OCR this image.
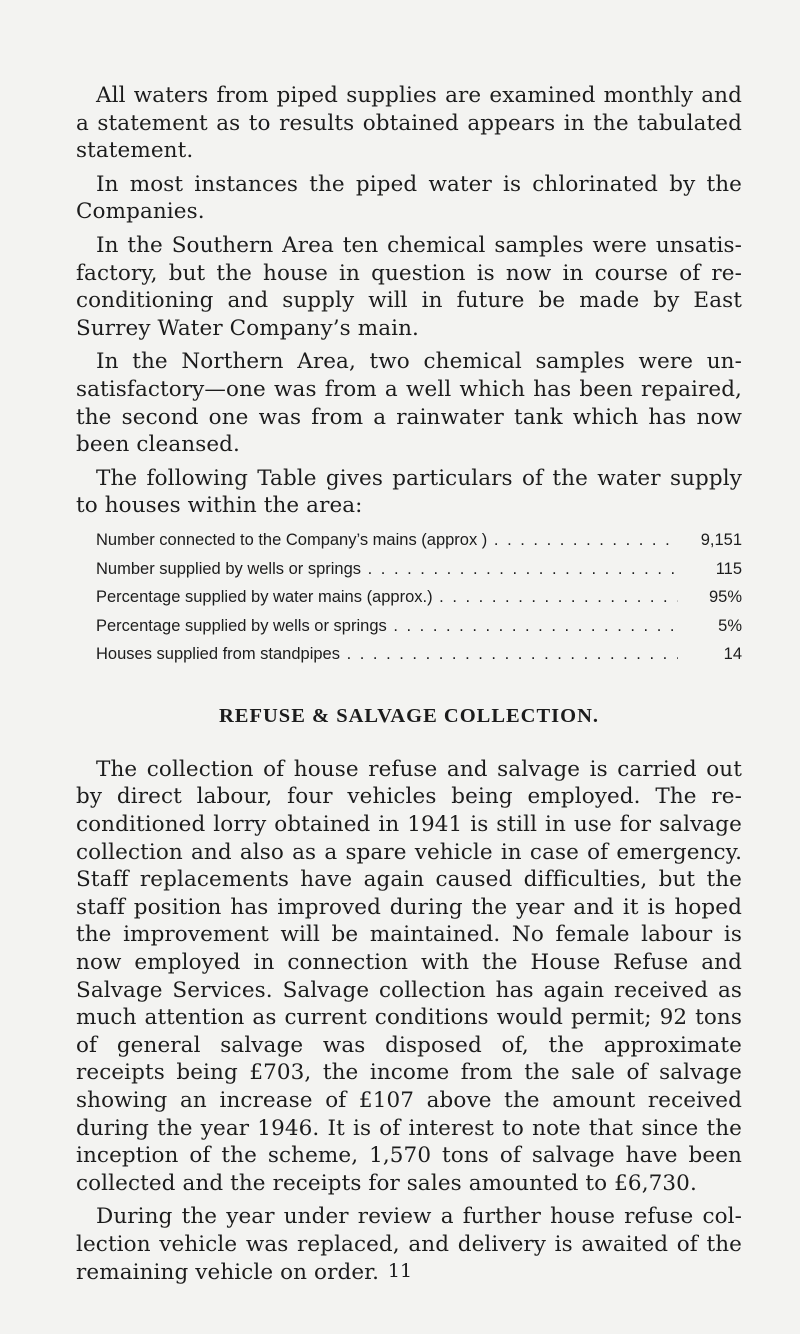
All waters from piped supplies are examined monthly and a statement as to results obtained appears in the tabulated statement.

In most instances the piped water is chlorinated by the Companies.

In the Southern Area ten chemical samples were unsatis-factory, but the house in question is now in course of re-conditioning and supply will in future be made by East Surrey Water Company’s main.

In the Northern Area, two chemical samples were un-satisfactory—one was from a well which has been repaired, the second one was from a rainwater tank which has now been cleansed.

The following Table gives particulars of the water supply to houses within the area:

Number connected to the Company’s mains (approx ) . . .	9,151
Number supplied by wells or springs . . .	115
Percentage supplied by water mains (approx.) . . .	95%
Percentage supplied by wells or springs . . .	5%
Houses supplied from standpipes . . .	14
REFUSE & SALVAGE COLLECTION.

The collection of house refuse and salvage is carried out by direct labour, four vehicles being employed. The re-conditioned lorry obtained in 1941 is still in use for salvage collection and also as a spare vehicle in case of emergency. Staff replacements have again caused difficulties, but the staff position has improved during the year and it is hoped the improvement will be maintained. No female labour is now employed in connection with the House Refuse and Salvage Services. Salvage collection has again received as much attention as current conditions would permit; 92 tons of general salvage was disposed of, the approximate receipts being £703, the income from the sale of salvage showing an increase of £107 above the amount received during the year 1946. It is of interest to note that since the inception of the scheme, 1,570 tons of salvage have been collected and the receipts for sales amounted to £6,730.

During the year under review a further house refuse col-lection vehicle was replaced, and delivery is awaited of the remaining vehicle on order. 11
